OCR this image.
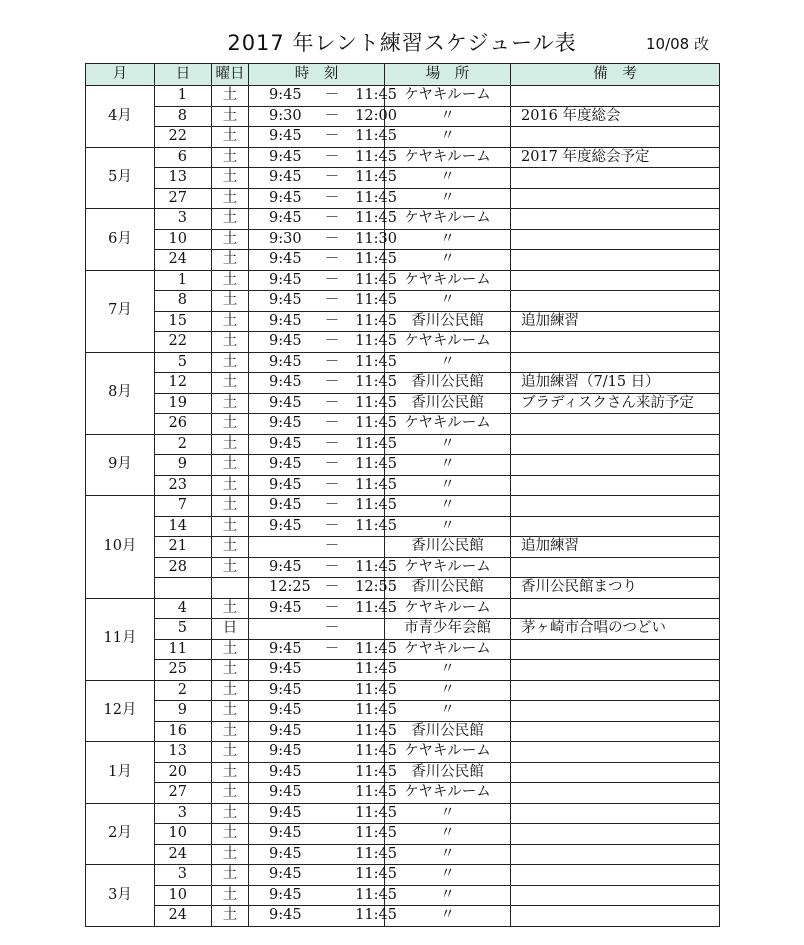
2017 年レント練習スケジュール表	10/08 改
月	日	曜日	時　刻	場　所	備　考
4月	1	土	9:45 － 11:45	ケヤキルーム	
	8	土	9:30 － 12:00	〃	2016 年度総会
	22	土	9:45 － 11:45	〃	
5月	6	土	9:45 － 11:45	ケヤキルーム	2017 年度総会予定
	13	土	9:45 － 11:45	〃	
	27	土	9:45 － 11:45	〃	
6月	3	土	9:45 － 11:45	ケヤキルーム	
	10	土	9:30 － 11:30	〃	
	24	土	9:45 － 11:45	〃	
7月	1	土	9:45 － 11:45	ケヤキルーム	
	8	土	9:45 － 11:45	〃	
	15	土	9:45 － 11:45	香川公民館	追加練習
	22	土	9:45 － 11:45	ケヤキルーム	
8月	5	土	9:45 － 11:45	〃	
	12	土	9:45 － 11:45	香川公民館	追加練習（7/15 日）
	19	土	9:45 － 11:45	香川公民館	ブラディスクさん来訪予定
	26	土	9:45 － 11:45	ケヤキルーム	
9月	2	土	9:45 － 11:45	〃	
	9	土	9:45 － 11:45	〃	
	23	土	9:45 － 11:45	〃	
10月	7	土	9:45 － 11:45	〃	
	14	土	9:45 － 11:45	〃	
	21	土	－	香川公民館	追加練習
	28	土	9:45 － 11:45	ケヤキルーム	
			12:25 － 12:55	香川公民館	香川公民館まつり
11月	4	土	9:45 － 11:45	ケヤキルーム	
	5	日	－	市青少年会館	茅ヶ崎市合唱のつどい
	11	土	9:45 － 11:45	ケヤキルーム	
	25	土	9:45 11:45	〃	
12月	2	土	9:45 11:45	〃	
	9	土	9:45 11:45	〃	
	16	土	9:45 11:45	香川公民館	
1月	13	土	9:45 11:45	ケヤキルーム	
	20	土	9:45 11:45	香川公民館	
	27	土	9:45 11:45	ケヤキルーム	
2月	3	土	9:45 11:45	〃	
	10	土	9:45 11:45	〃	
	24	土	9:45 11:45	〃	
3月	3	土	9:45 11:45	〃	
	10	土	9:45 11:45	〃	
	24	土	9:45 11:45	〃	
